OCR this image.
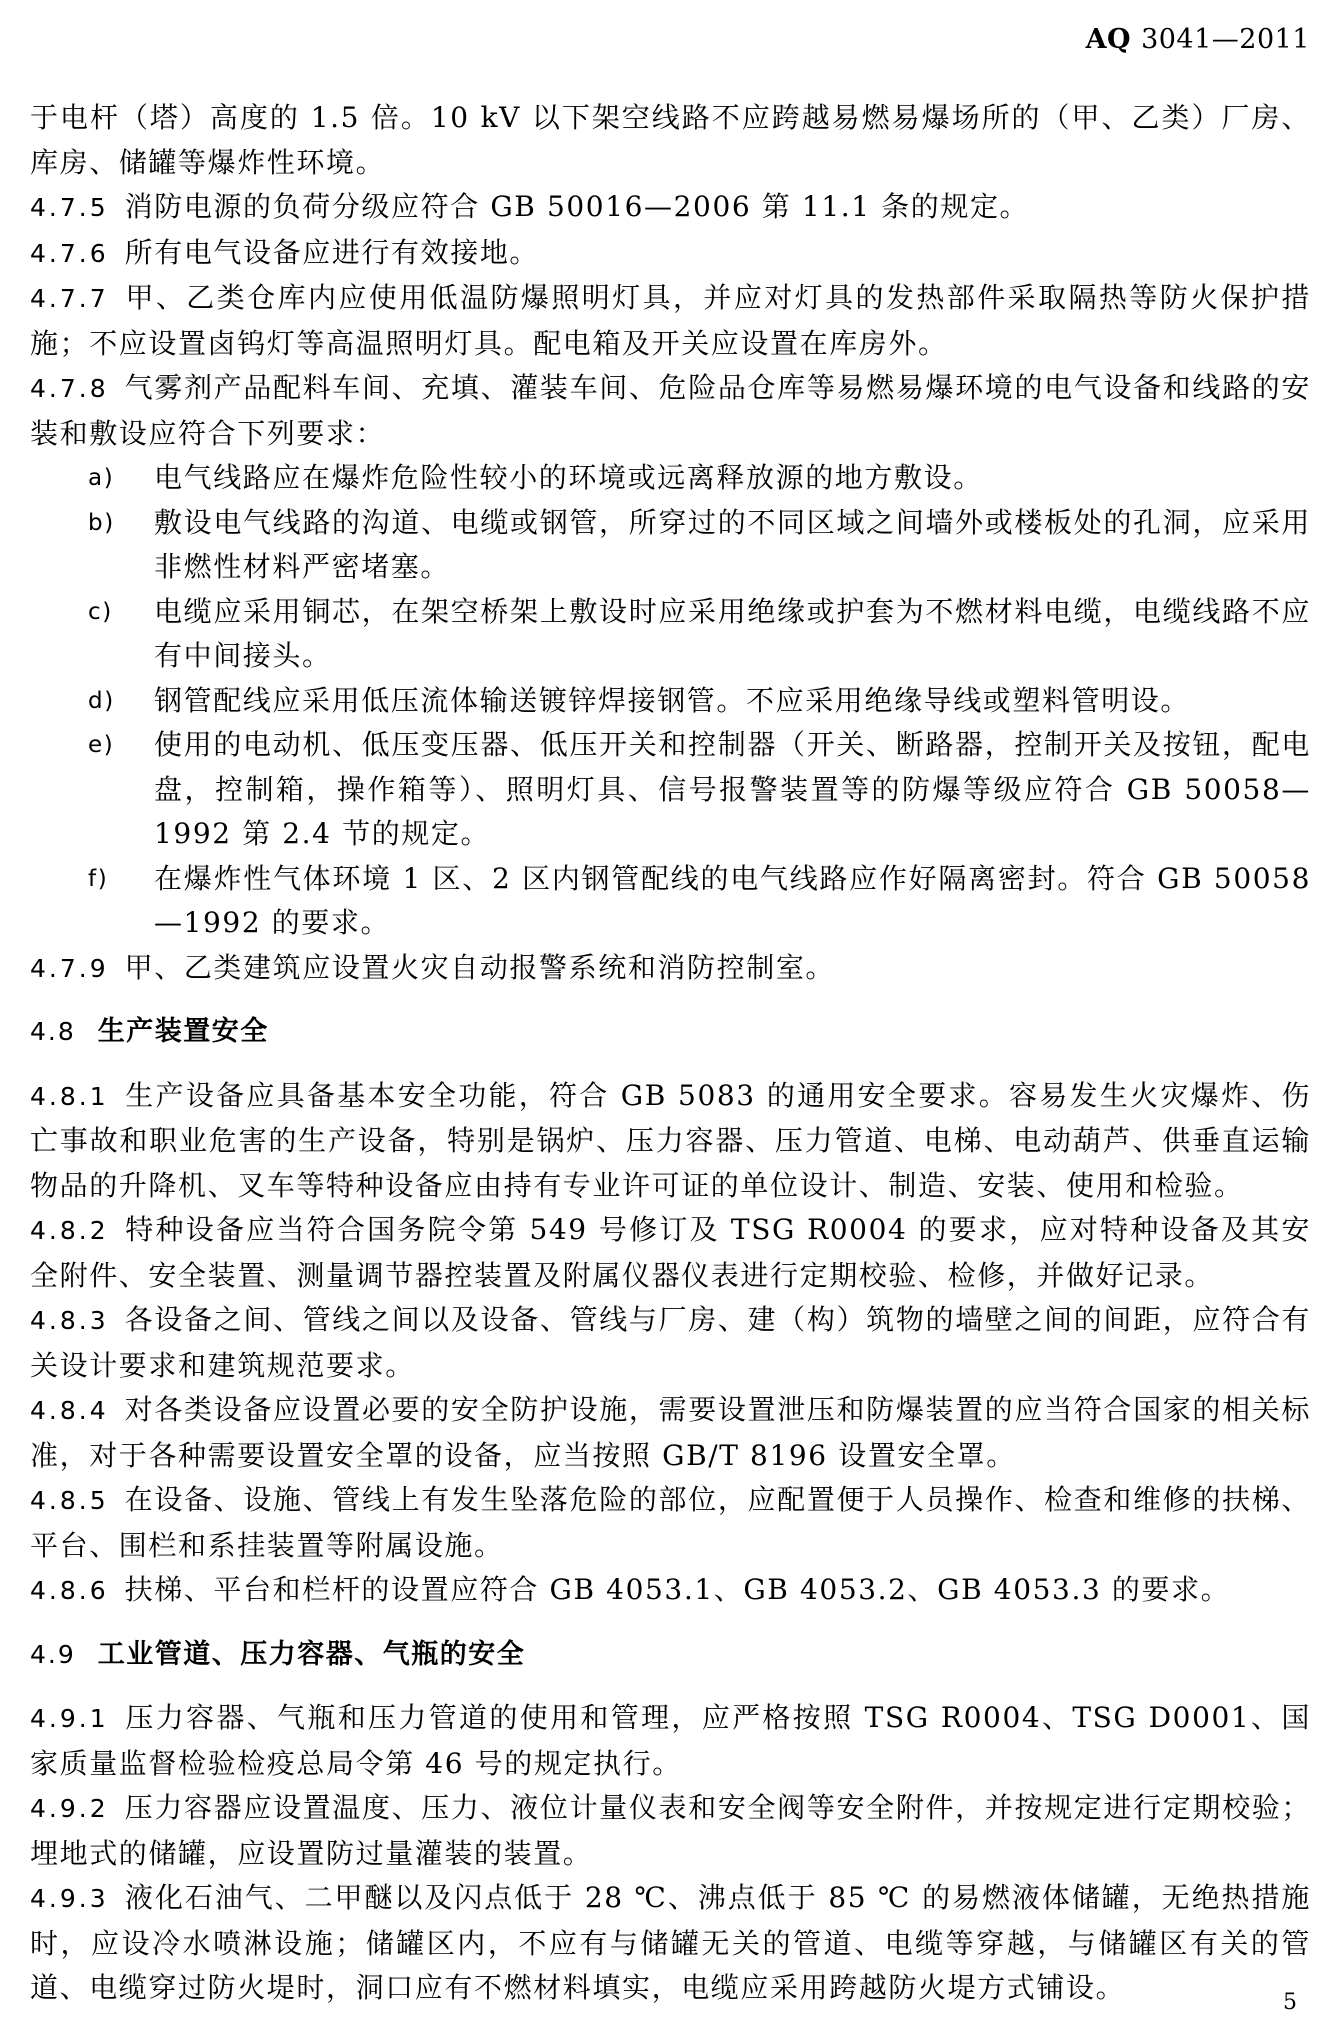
AQ 3041—2011

于电杆（塔）高度的 1.5 倍。10 kV 以下架空线路不应跨越易燃易爆场所的（甲、乙类）厂房、库房、储罐等爆炸性环境。

4.7.5 消防电源的负荷分级应符合 GB 50016—2006 第 11.1 条的规定。

4.7.6 所有电气设备应进行有效接地。

4.7.7 甲、乙类仓库内应使用低温防爆照明灯具，并应对灯具的发热部件采取隔热等防火保护措施；不应设置卤钨灯等高温照明灯具。配电箱及开关应设置在库房外。

4.7.8 气雾剂产品配料车间、充填、灌装车间、危险品仓库等易燃易爆环境的电气设备和线路的安装和敷设应符合下列要求：

a)	电气线路应在爆炸危险性较小的环境或远离释放源的地方敷设。
b)	敷设电气线路的沟道、电缆或钢管，所穿过的不同区域之间墙外或楼板处的孔洞，应采用非燃性材料严密堵塞。
c)	电缆应采用铜芯，在架空桥架上敷设时应采用绝缘或护套为不燃材料电缆，电缆线路不应有中间接头。
d)	钢管配线应采用低压流体输送镀锌焊接钢管。不应采用绝缘导线或塑料管明设。
e)	使用的电动机、低压变压器、低压开关和控制器（开关、断路器，控制开关及按钮，配电盘，控制箱，操作箱等）、照明灯具、信号报警装置等的防爆等级应符合 GB 50058—1992 第 2.4 节的规定。
f)	在爆炸性气体环境 1 区、2 区内钢管配线的电气线路应作好隔离密封。符合 GB 50058—1992 的要求。

4.7.9 甲、乙类建筑应设置火灾自动报警系统和消防控制室。

4.8 生产装置安全

4.8.1 生产设备应具备基本安全功能，符合 GB 5083 的通用安全要求。容易发生火灾爆炸、伤亡事故和职业危害的生产设备，特别是锅炉、压力容器、压力管道、电梯、电动葫芦、供垂直运输物品的升降机、叉车等特种设备应由持有专业许可证的单位设计、制造、安装、使用和检验。

4.8.2 特种设备应当符合国务院令第 549 号修订及 TSG R0004 的要求，应对特种设备及其安全附件、安全装置、测量调节器控装置及附属仪器仪表进行定期校验、检修，并做好记录。

4.8.3 各设备之间、管线之间以及设备、管线与厂房、建（构）筑物的墙壁之间的间距，应符合有关设计要求和建筑规范要求。

4.8.4 对各类设备应设置必要的安全防护设施，需要设置泄压和防爆装置的应当符合国家的相关标准，对于各种需要设置安全罩的设备，应当按照 GB/T 8196 设置安全罩。

4.8.5 在设备、设施、管线上有发生坠落危险的部位，应配置便于人员操作、检查和维修的扶梯、平台、围栏和系挂装置等附属设施。

4.8.6 扶梯、平台和栏杆的设置应符合 GB 4053.1、GB 4053.2、GB 4053.3 的要求。

4.9 工业管道、压力容器、气瓶的安全

4.9.1 压力容器、气瓶和压力管道的使用和管理，应严格按照 TSG R0004、TSG D0001、国家质量监督检验检疫总局令第 46 号的规定执行。

4.9.2 压力容器应设置温度、压力、液位计量仪表和安全阀等安全附件，并按规定进行定期校验；埋地式的储罐，应设置防过量灌装的装置。

4.9.3 液化石油气、二甲醚以及闪点低于 28 ℃、沸点低于 85 ℃ 的易燃液体储罐，无绝热措施时，应设冷水喷淋设施；储罐区内，不应有与储罐无关的管道、电缆等穿越，与储罐区有关的管道、电缆穿过防火堤时，洞口应有不燃材料填实，电缆应采用跨越防火堤方式铺设。	5
